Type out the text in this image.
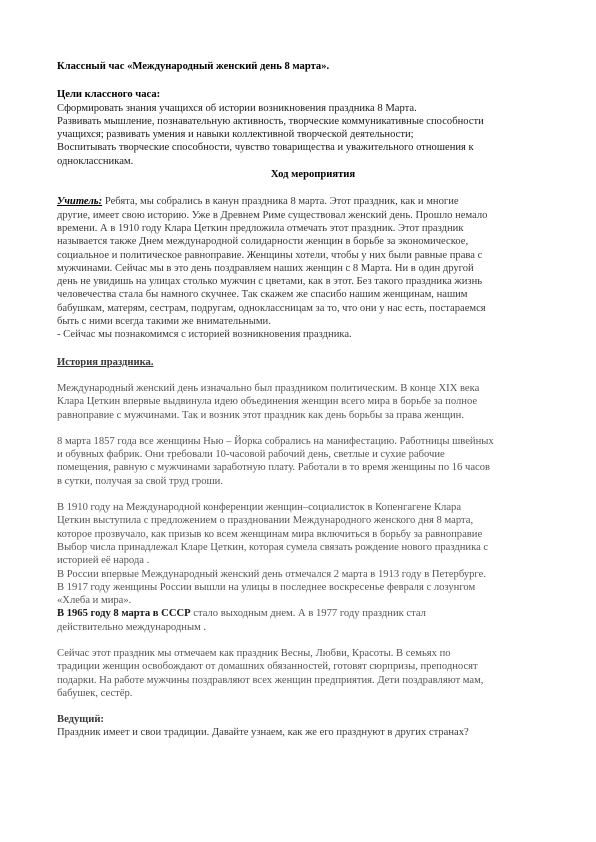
Классный час «Международный женский день 8 марта».
Цели классного часа:
Сформировать знания учащихся об истории возникновения праздника 8 Марта.
Развивать мышление, познавательную активность, творческие коммуникативные способности
учащихся; развивать умения и навыки коллективной творческой деятельности;
Воспитывать творческие способности, чувство товарищества и уважительного отношения к
одноклассникам.
Ход мероприятия
Учитель: Ребята, мы собрались в канун праздника 8 марта. Этот праздник, как и многие
другие, имеет свою историю. Уже в Древнем Риме существовал женский день. Прошло немало
времени. А в 1910 году Клара Цеткин предложила отмечать этот праздник. Этот праздник
называется также Днем международной солидарности женщин в борьбе за экономическое,
социальное и политическое равноправие. Женщины хотели, чтобы у них были равные права с
мужчинами. Сейчас мы в это день поздравляем наших женщин с 8 Марта. Ни в один другой
день не увидишь на улицах столько мужчин с цветами, как в этот. Без такого праздника жизнь
человечества стала бы намного скучнее. Так скажем же спасибо нашим женщинам, нашим
бабушкам, матерям, сестрам, подругам, одноклассницам за то, что они у нас есть, постараемся
быть с ними всегда такими же внимательными.
- Сейчас мы познакомимся с историей возникновения праздника.
История праздника.
Международный женский день изначально был праздником политическим. В конце XIX века
Клара Цеткин впервые выдвинула идею объединения женщин всего мира в борьбе за полное
равноправие с мужчинами. Так и возник этот праздник как день борьбы за права женщин.
8 марта 1857 года все женщины Нью – Йорка собрались на манифестацию. Работницы швейных
и обувных фабрик. Они требовали 10-часовой рабочий день, светлые и сухие рабочие
помещения, равную с мужчинами заработную плату. Работали в то время женщины по 16 часов
в сутки, получая за свой труд гроши.
В 1910 году на Международной конференции женщин–социалисток в Копенгагене Клара
Цеткин выступила с предложением о праздновании Международного женского дня 8 марта,
которое прозвучало, как призыв ко всем женщинам мира включиться в борьбу за равноправие
Выбор числа принадлежал Кларе Цеткин, которая сумела связать рождение нового праздника с
историей её народа .
В России впервые Международный женский день отмечался 2 марта в 1913 году в Петербурге.
В 1917 году женщины России вышли на улицы в последнее воскресенье февраля с лозунгом
«Хлеба и мира».
В 1965 году 8 марта в СССР стало выходным днем. А в 1977 году праздник стал
действительно международным .
Сейчас этот праздник мы отмечаем как праздник Весны, Любви, Красоты. В семьях по
традиции женщин освобождают от домашних обязанностей, готовят сюрпризы, преподносят
подарки. На работе мужчины поздравляют всех женщин предприятия. Дети поздравляют мам,
бабушек, сестёр.
Ведущий:
Праздник имеет и свои традиции. Давайте узнаем, как же его празднуют в других странах?
